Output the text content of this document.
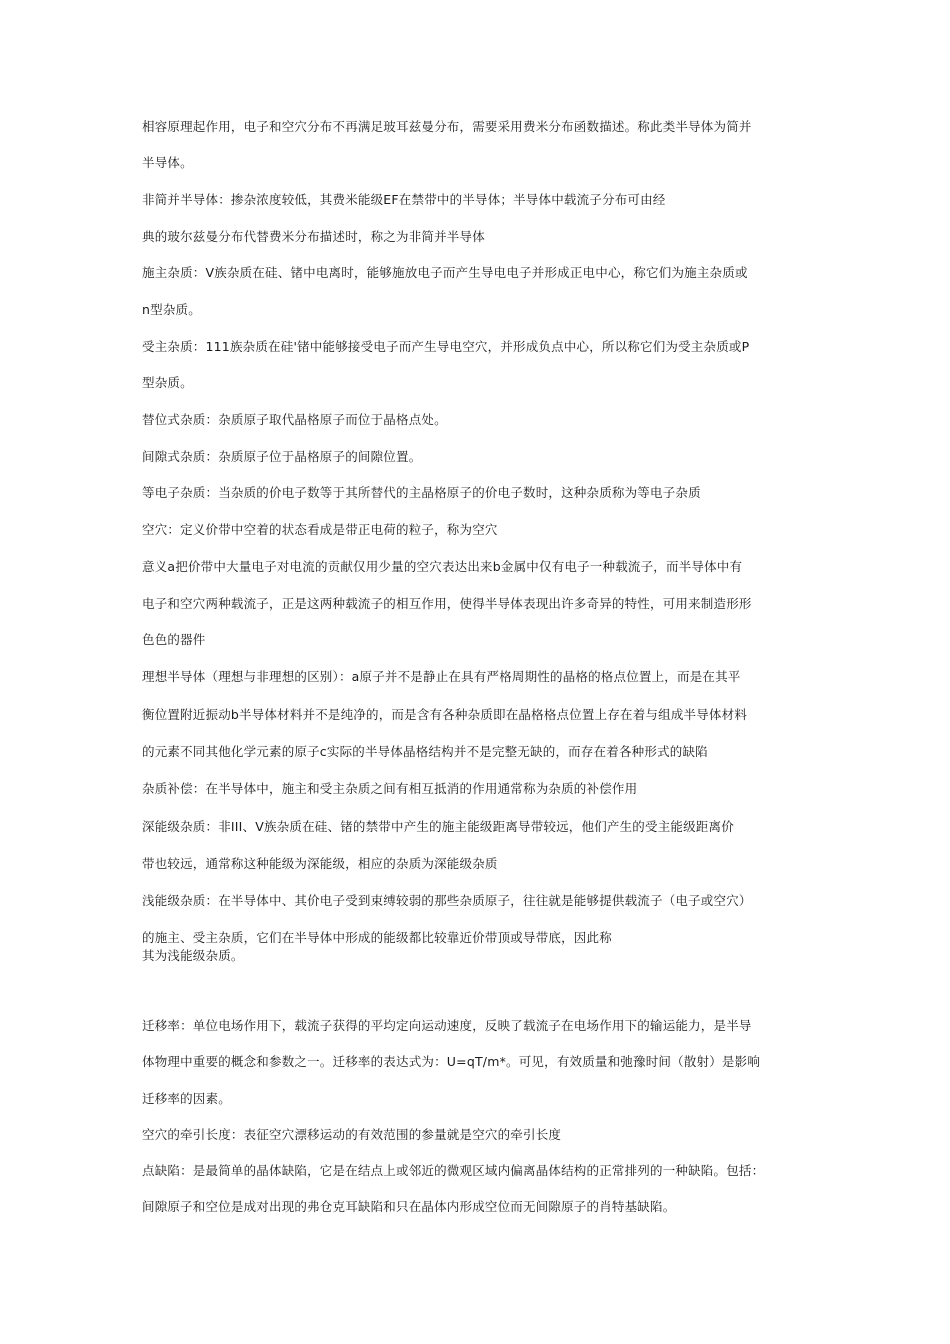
相容原理起作用，电子和空穴分布不再满足玻耳兹曼分布，需要采用费米分布函数描述。称此类半导体为简并
半导体。
非简并半导体：掺杂浓度较低，其费米能级EF在禁带中的半导体；半导体中载流子分布可由经
典的玻尔兹曼分布代替费米分布描述时，称之为非简并半导体
施主杂质：V族杂质在硅、锗中电离时，能够施放电子而产生导电电子并形成正电中心，称它们为施主杂质或
n型杂质。
受主杂质：111族杂质在硅'锗中能够接受电子而产生导电空穴，并形成负点中心，所以称它们为受主杂质或P
型杂质。
替位式杂质：杂质原子取代晶格原子而位于晶格点处。
间隙式杂质：杂质原子位于晶格原子的间隙位置。
等电子杂质：当杂质的价电子数等于其所替代的主晶格原子的价电子数时，这种杂质称为等电子杂质
空穴：定义价带中空着的状态看成是带正电荷的粒子，称为空穴
意义a把价带中大量电子对电流的贡献仅用少量的空穴表达出来b金属中仅有电子一种载流子，而半导体中有
电子和空穴两种载流子，正是这两种载流子的相互作用，使得半导体表现出许多奇异的特性，可用来制造形形
色色的器件
理想半导体（理想与非理想的区别）：a原子并不是静止在具有严格周期性的晶格的格点位置上，而是在其平
衡位置附近振动b半导体材料并不是纯净的，而是含有各种杂质即在晶格格点位置上存在着与组成半导体材料
的元素不同其他化学元素的原子c实际的半导体晶格结构并不是完整无缺的，而存在着各种形式的缺陷
杂质补偿：在半导体中，施主和受主杂质之间有相互抵消的作用通常称为杂质的补偿作用
深能级杂质：非III、V族杂质在硅、锗的禁带中产生的施主能级距离导带较远，他们产生的受主能级距离价
带也较远，通常称这种能级为深能级，相应的杂质为深能级杂质
浅能级杂质：在半导体中、其价电子受到束缚较弱的那些杂质原子，往往就是能够提供载流子（电子或空穴）
的施主、受主杂质，它们在半导体中形成的能级都比较靠近价带顶或导带底，因此称
其为浅能级杂质。
迁移率：单位电场作用下，载流子获得的平均定向运动速度，反映了载流子在电场作用下的输运能力，是半导
体物理中重要的概念和参数之一。迁移率的表达式为：U=qT/m*。可见，有效质量和弛豫时间（散射）是影响
迁移率的因素。
空穴的牵引长度：表征空穴漂移运动的有效范围的参量就是空穴的牵引长度
点缺陷：是最简单的晶体缺陷，它是在结点上或邻近的微观区域内偏离晶体结构的正常排列的一种缺陷。包括：
间隙原子和空位是成对出现的弗仓克耳缺陷和只在晶体内形成空位而无间隙原子的肖特基缺陷。
